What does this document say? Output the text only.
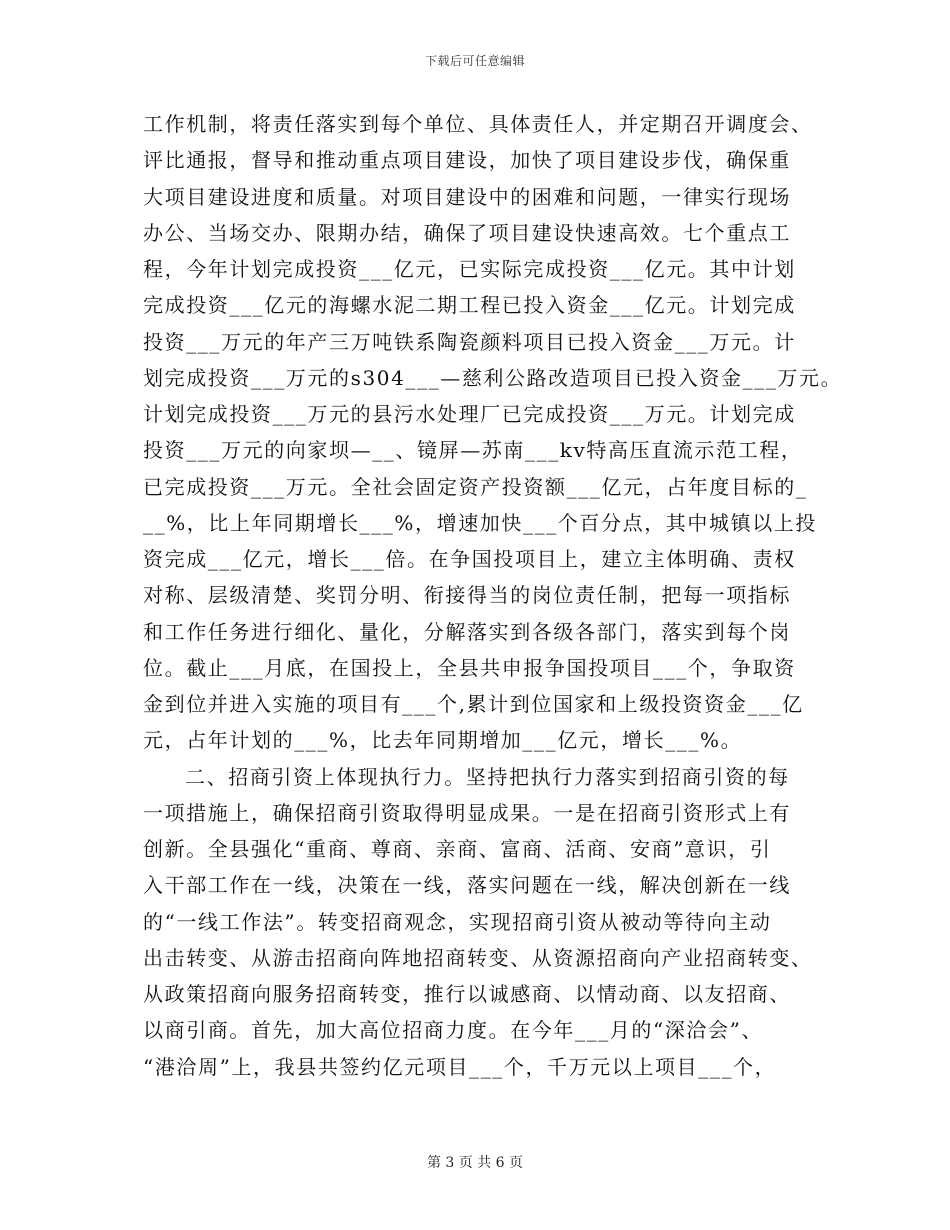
下载后可任意编辑
工作机制，将责任落实到每个单位、具体责任人，并定期召开调度会、
评比通报，督导和推动重点项目建设，加快了项目建设步伐，确保重
大项目建设进度和质量。对项目建设中的困难和问题，一律实行现场
办公、当场交办、限期办结，确保了项目建设快速高效。七个重点工
程，今年计划完成投资___亿元，已实际完成投资___亿元。其中计划
完成投资___亿元的海螺水泥二期工程已投入资金___亿元。计划完成
投资___万元的年产三万吨铁系陶瓷颜料项目已投入资金___万元。计
划完成投资___万元的s304___—慈利公路改造项目已投入资金___万元。
计划完成投资___万元的县污水处理厂已完成投资___万元。计划完成
投资___万元的向家坝—__、镜屏—苏南___kv特高压直流示范工程，
已完成投资___万元。全社会固定资产投资额___亿元，占年度目标的_
__%，比上年同期增长___%，增速加快___个百分点，其中城镇以上投
资完成___亿元，增长___倍。在争国投项目上，建立主体明确、责权
对称、层级清楚、奖罚分明、衔接得当的岗位责任制，把每一项指标
和工作任务进行细化、量化，分解落实到各级各部门，落实到每个岗
位。截止___月底，在国投上，全县共申报争国投项目___个，争取资
金到位并进入实施的项目有___个,累计到位国家和上级投资资金___亿
元，占年计划的___%，比去年同期增加___亿元，增长___%。
二、招商引资上体现执行力。坚持把执行力落实到招商引资的每
一项措施上，确保招商引资取得明显成果。一是在招商引资形式上有
创新。全县强化“重商、尊商、亲商、富商、活商、安商”意识，引
入干部工作在一线，决策在一线，落实问题在一线，解决创新在一线
的“一线工作法”。转变招商观念，实现招商引资从被动等待向主动
出击转变、从游击招商向阵地招商转变、从资源招商向产业招商转变、
从政策招商向服务招商转变，推行以诚感商、以情动商、以友招商、
以商引商。首先，加大高位招商力度。在今年___月的“深洽会”、
“港洽周”上，我县共签约亿元项目___个，千万元以上项目___个，
第 3 页 共 6 页
